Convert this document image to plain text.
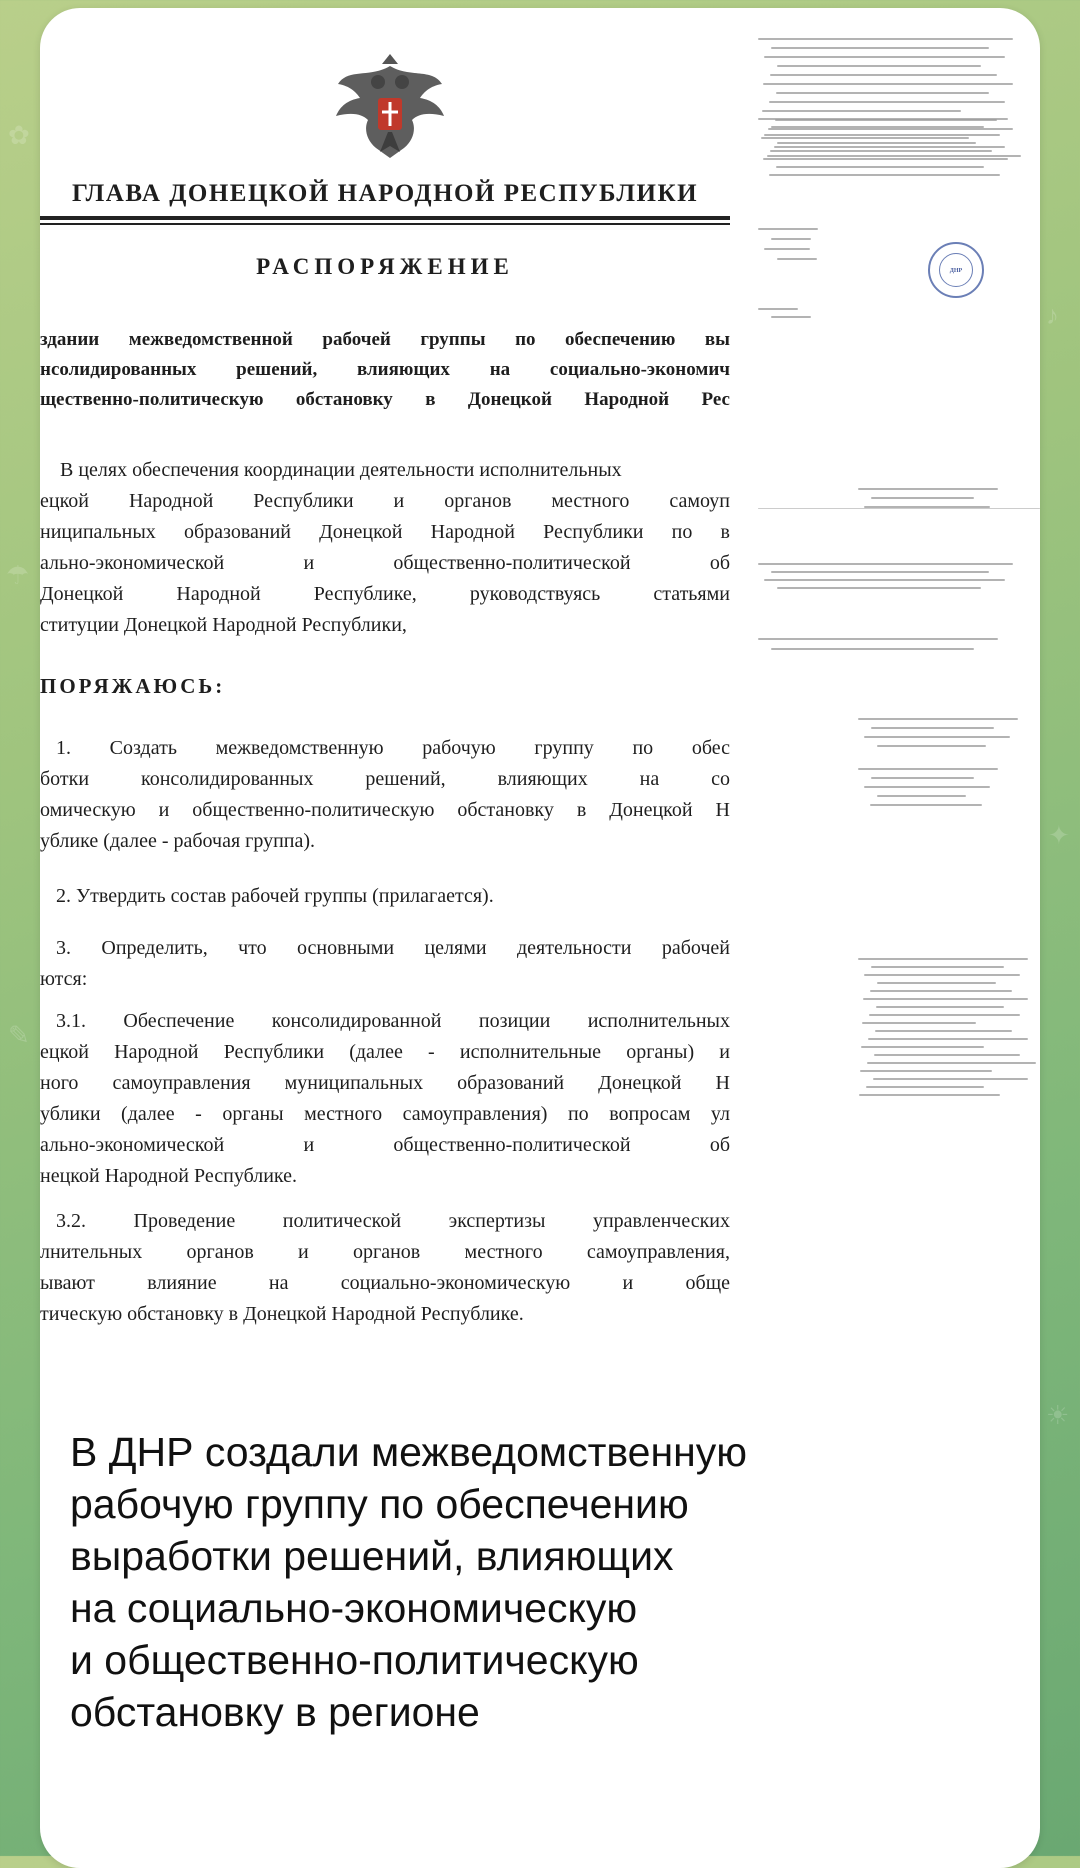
✿
☂
✎
♪
✦
☀
ГЛАВА ДОНЕЦКОЙ НАРОДНОЙ РЕСПУБЛИКИ
РАСПОРЯЖЕНИЕ
здании межведомственной рабочей группы по обеспечению вы
нсолидированных решений, влияющих на социально-экономич
щественно-политическую обстановку в Донецкой Народной Рес
В целях обеспечения координации деятельности исполнительных
ецкой Народной Республики и органов местного самоуп
ниципальных образований Донецкой Народной Республики по в
ально-экономической и общественно-политической об
Донецкой Народной Республике, руководствуясь статьями
ституции Донецкой Народной Республики,
ПОРЯЖАЮСЬ:
1. Создать межведомственную рабочую группу по обес
ботки консолидированных решений, влияющих на со
омическую и общественно-политическую обстановку в Донецкой Н
ублике (далее - рабочая группа).
2. Утвердить состав рабочей группы (прилагается).
3. Определить, что основными целями деятельности рабочей
ются:
3.1. Обеспечение консолидированной позиции исполнительных
ецкой Народной Республики (далее - исполнительные органы) и
ного самоуправления муниципальных образований Донецкой Н
ублики (далее - органы местного самоуправления) по вопросам ул
ально-экономической и общественно-политической об
нецкой Народной Республике.
3.2. Проведение политической экспертизы управленческих
лнительных органов и органов местного самоуправления,
ывают влияние на социально-экономическую и обще
тическую обстановку в Донецкой Народной Республике.
ДНР
В ДНР создали межведомственную
рабочую группу по обеспечению
выработки решений, влияющих
на социально-экономическую
и общественно-политическую
обстановку в регионе
